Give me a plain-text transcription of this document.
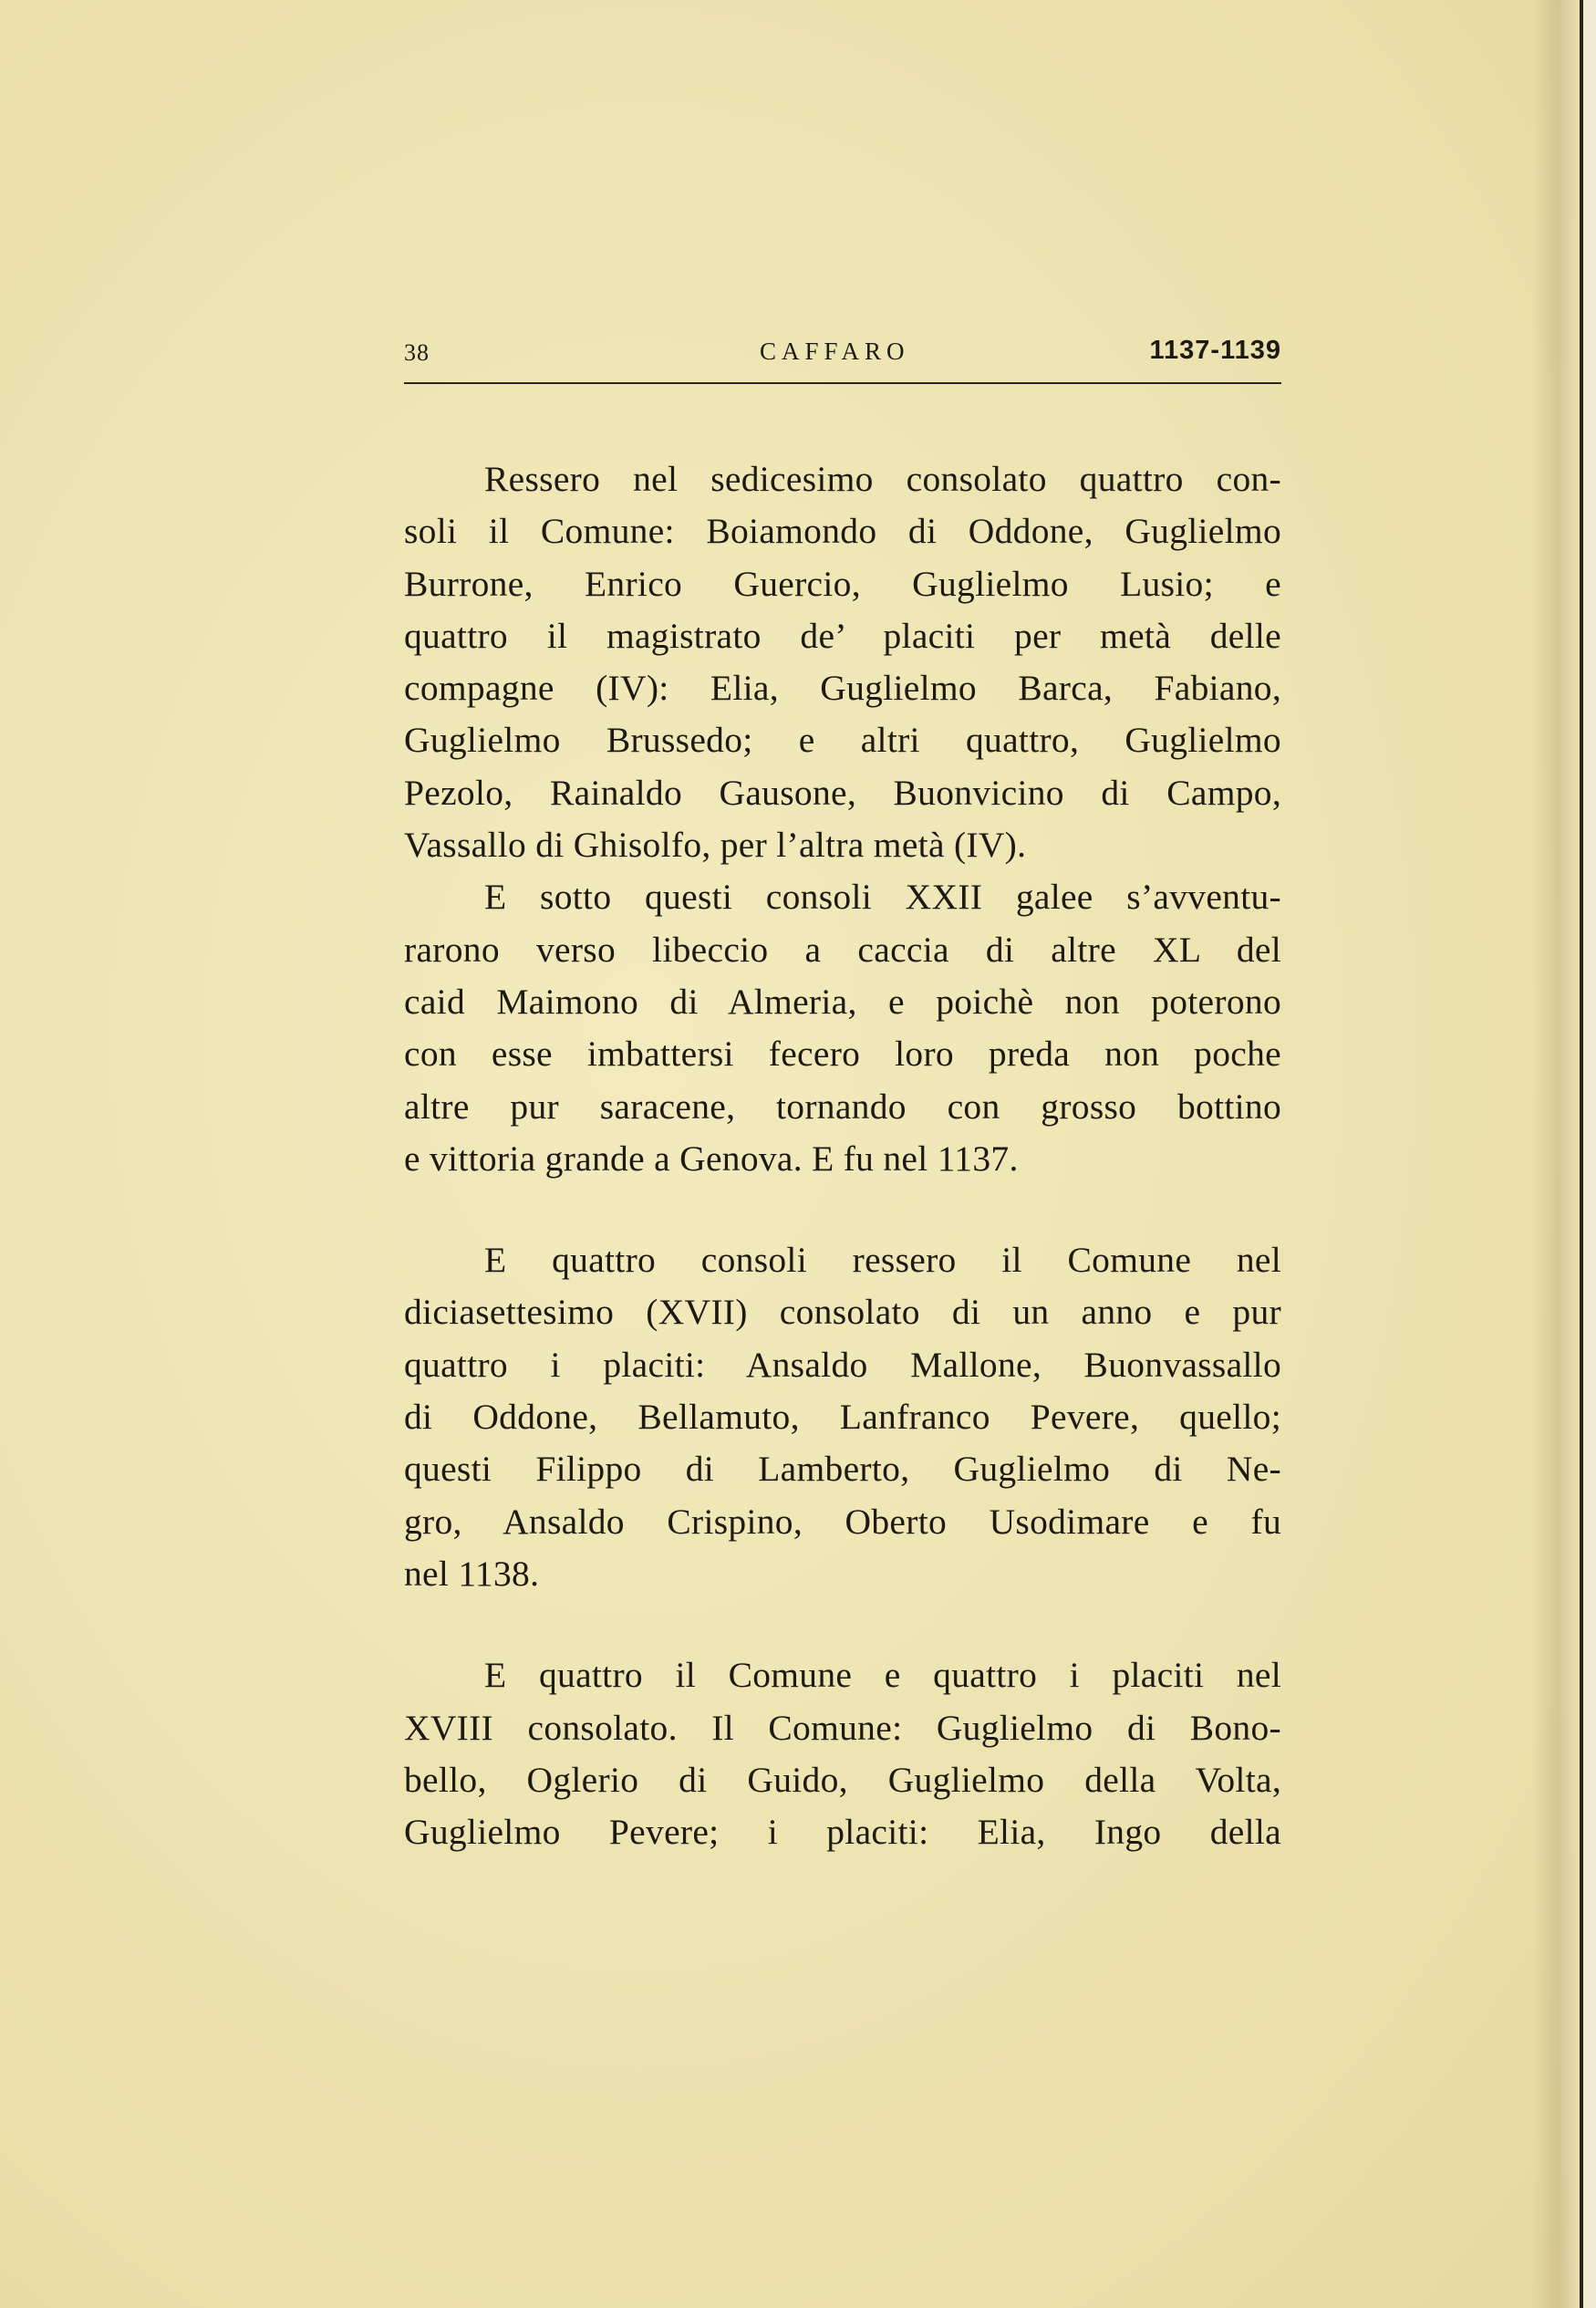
38	CAFFARO	1137-1139
Ressero nel sedicesimo consolato quattro con-
soli il Comune: Boiamondo di Oddone, Guglielmo
Burrone, Enrico Guercio, Guglielmo Lusio; e
quattro il magistrato de’ placiti per metà delle
compagne (IV): Elia, Guglielmo Barca, Fabiano,
Guglielmo Brussedo; e altri quattro, Guglielmo
Pezolo, Rainaldo Gausone, Buonvicino di Campo,
Vassallo di Ghisolfo, per l’altra metà (IV).
E sotto questi consoli XXII galee s’avventu-
rarono verso libeccio a caccia di altre XL del
caid Maimono di Almeria, e poichè non poterono
con esse imbattersi fecero loro preda non poche
altre pur saracene, tornando con grosso bottino
e vittoria grande a Genova. E fu nel 1137.
E quattro consoli ressero il Comune nel
diciasettesimo (XVII) consolato di un anno e pur
quattro i placiti: Ansaldo Mallone, Buonvassallo
di Oddone, Bellamuto, Lanfranco Pevere, quello;
questi Filippo di Lamberto, Guglielmo di Ne-
gro, Ansaldo Crispino, Oberto Usodimare e fu
nel 1138.
E quattro il Comune e quattro i placiti nel
XVIII consolato. Il Comune: Guglielmo di Bono-
bello, Oglerio di Guido, Guglielmo della Volta,
Guglielmo Pevere; i placiti: Elia, Ingo della
